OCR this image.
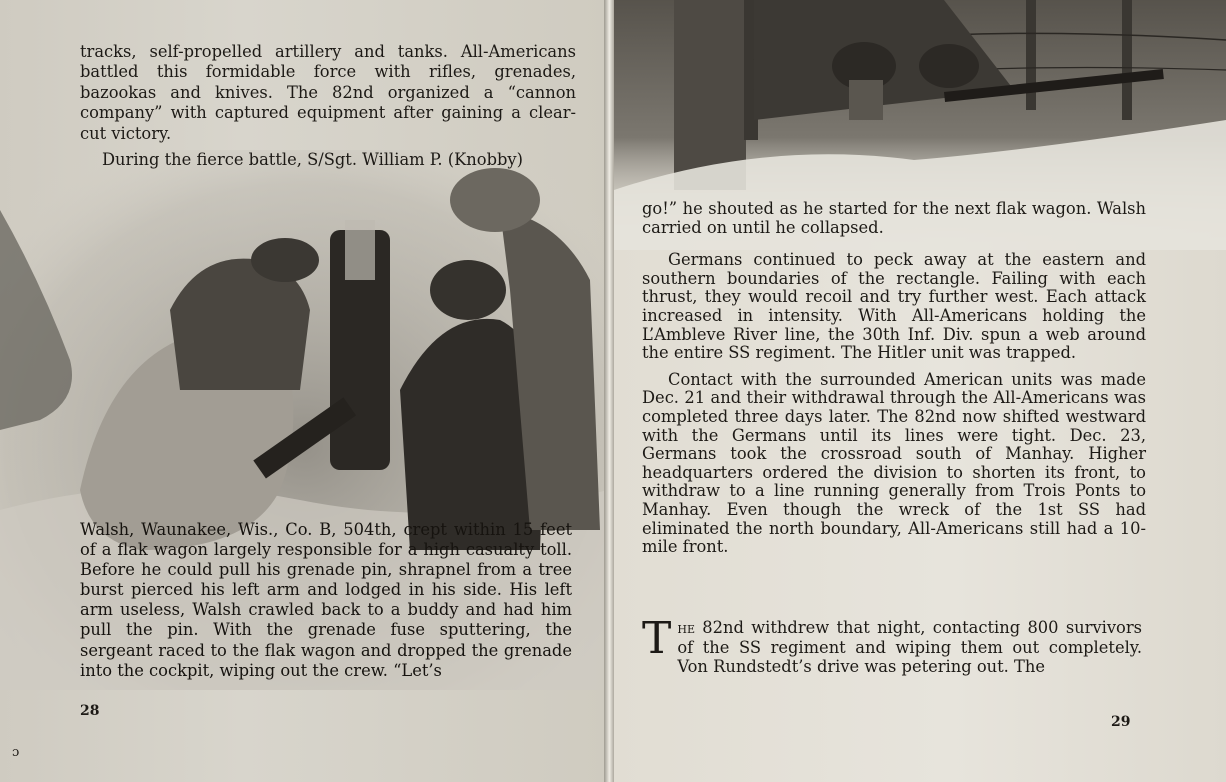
tracks, self-propelled artillery and tanks. All-Americans battled this formidable force with rifles, grenades, bazookas and knives. The 82nd organized a “cannon company” with captured equipment after gaining a clear-cut victory.

During the fierce battle, S/Sgt. William P. (Knobby)

Walsh, Waunakee, Wis., Co. B, 504th, crept within 15 feet of a flak wagon largely responsible for a high casualty toll. Before he could pull his grenade pin, shrapnel from a tree burst pierced his left arm and lodged in his side. His left arm useless, Walsh crawled back to a buddy and had him pull the pin. With the grenade fuse sputtering, the sergeant raced to the flak wagon and dropped the grenade into the cockpit, wiping out the crew. “Let’s

28
ɔ

go!” he shouted as he started for the next flak wagon. Walsh carried on until he collapsed.

Germans continued to peck away at the eastern and southern boundaries of the rectangle. Failing with each thrust, they would recoil and try further west. Each attack increased in intensity. With All-Americans holding the L’Ambleve River line, the 30th Inf. Div. spun a web around the entire SS regiment. The Hitler unit was trapped.

Contact with the surrounded American units was made Dec. 21 and their withdrawal through the All-Americans was completed three days later. The 82nd now shifted westward with the Germans until its lines were tight. Dec. 23, Germans took the crossroad south of Manhay. Higher headquarters ordered the division to shorten its front, to withdraw to a line running generally from Trois Ponts to Manhay. Even though the wreck of the 1st SS had eliminated the north boundary, All-Americans still had a 10-mile front.

The 82nd withdrew that night, contacting 800 survivors of the SS regiment and wiping them out completely. Von Rundstedt’s drive was petering out. The
29
